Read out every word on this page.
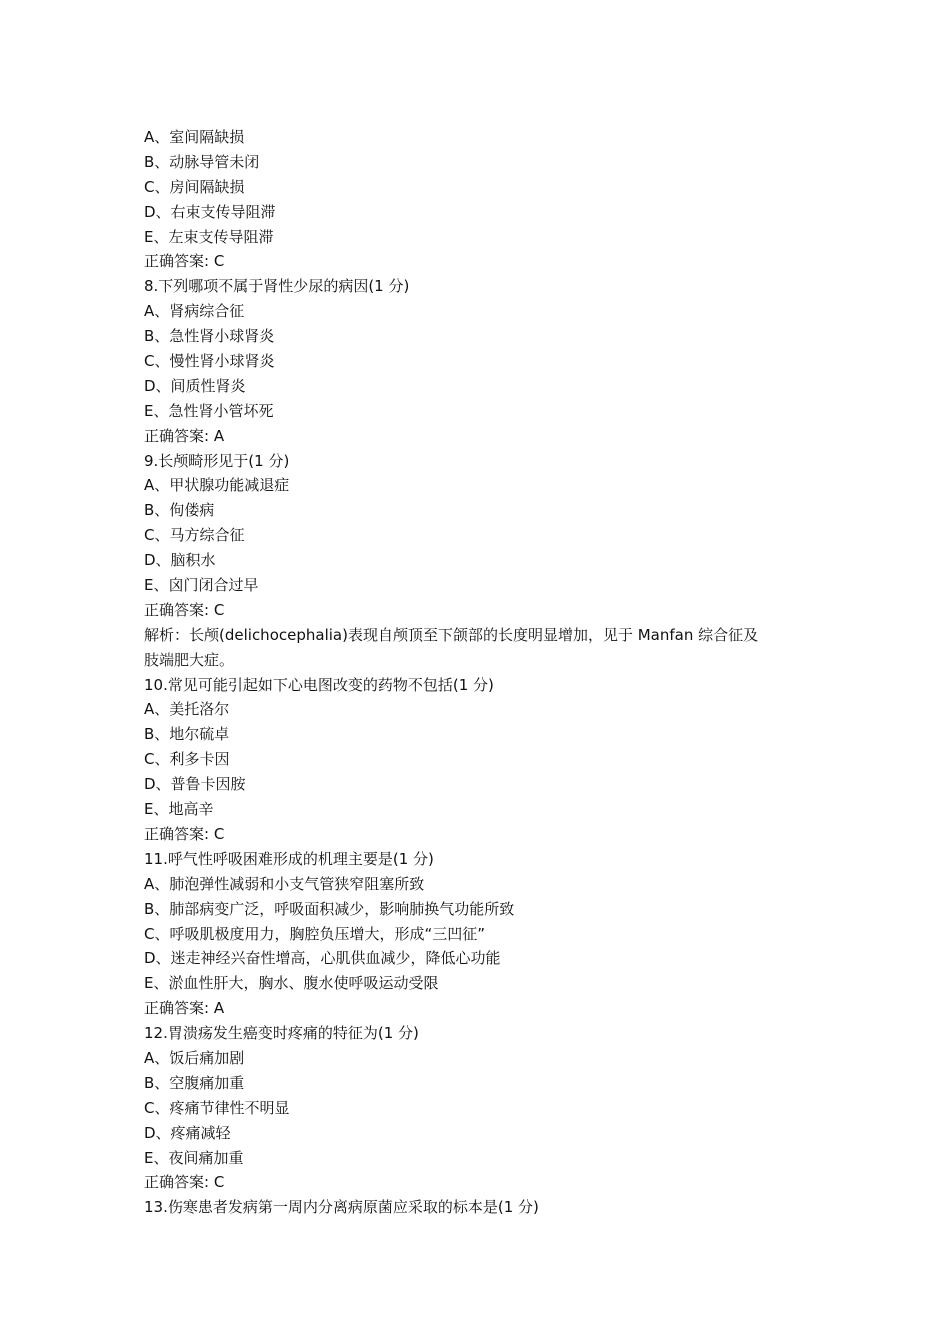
A、室间隔缺损
B、动脉导管未闭
C、房间隔缺损
D、右束支传导阻滞
E、左束支传导阻滞
正确答案: C
8.下列哪项不属于肾性少尿的病因(1 分)
A、肾病综合征
B、急性肾小球肾炎
C、慢性肾小球肾炎
D、间质性肾炎
E、急性肾小管坏死
正确答案: A
9.长颅畸形见于(1 分)
A、甲状腺功能减退症
B、佝偻病
C、马方综合征
D、脑积水
E、囟门闭合过早
正确答案: C
解析：长颅(delichocephalia)表现自颅顶至下颌部的长度明显增加，见于 Manfan 综合征及
肢端肥大症。
10.常见可能引起如下心电图改变的药物不包括(1 分)
A、美托洛尔
B、地尔硫卓
C、利多卡因
D、普鲁卡因胺
E、地高辛
正确答案: C
11.呼气性呼吸困难形成的机理主要是(1 分)
A、肺泡弹性减弱和小支气管狭窄阻塞所致
B、肺部病变广泛，呼吸面积减少，影响肺换气功能所致
C、呼吸肌极度用力，胸腔负压增大，形成“三凹征”
D、迷走神经兴奋性增高，心肌供血减少，降低心功能
E、淤血性肝大，胸水、腹水使呼吸运动受限
正确答案: A
12.胃溃疡发生癌变时疼痛的特征为(1 分)
A、饭后痛加剧
B、空腹痛加重
C、疼痛节律性不明显
D、疼痛减轻
E、夜间痛加重
正确答案: C
13.伤寒患者发病第一周内分离病原菌应采取的标本是(1 分)
